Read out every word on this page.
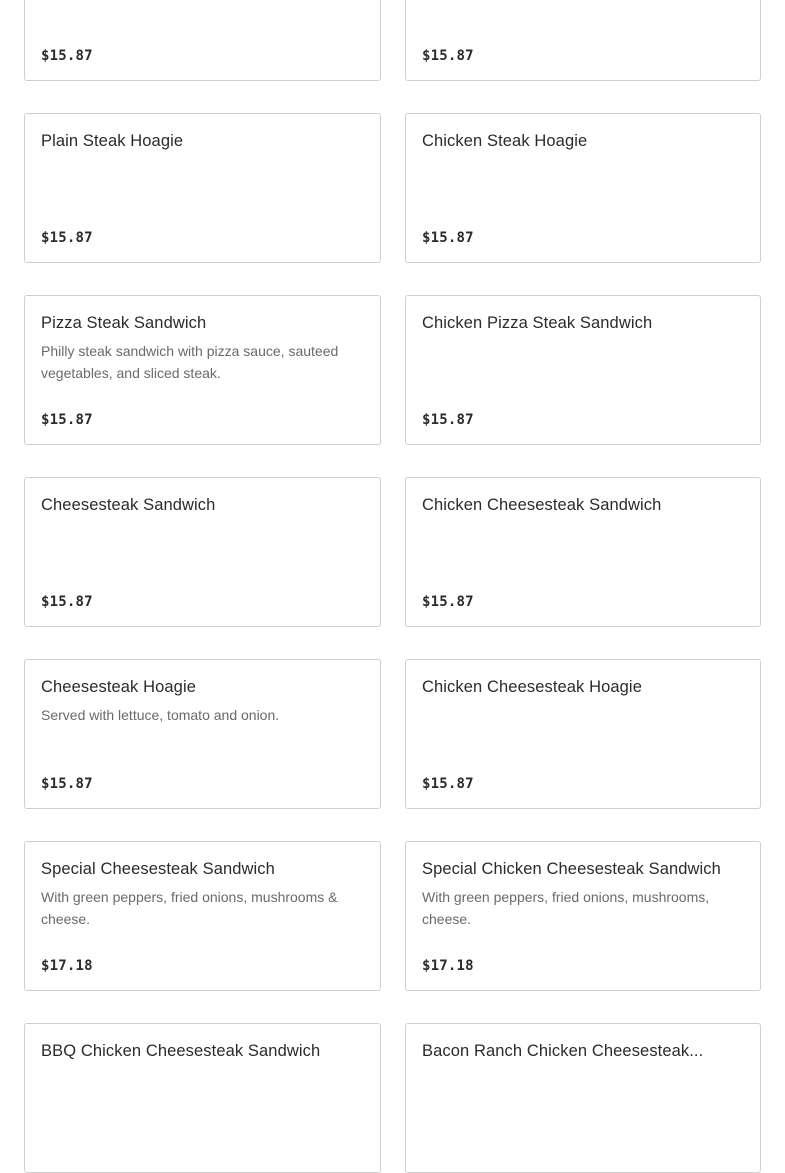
$15.87	$15.87
Plain Steak Hoagie
$15.87
Chicken Steak Hoagie
$15.87
Pizza Steak Sandwich
Philly steak sandwich with pizza sauce, sauteed vegetables, and sliced steak.
$15.87
Chicken Pizza Steak Sandwich
$15.87
Cheesesteak Sandwich
$15.87
Chicken Cheesesteak Sandwich
$15.87
Cheesesteak Hoagie
Served with lettuce, tomato and onion.
$15.87
Chicken Cheesesteak Hoagie
$15.87
Special Cheesesteak Sandwich
With green peppers, fried onions, mushrooms & cheese.
$17.18
Special Chicken Cheesesteak Sandwich
With green peppers, fried onions, mushrooms, cheese.
$17.18
BBQ Chicken Cheesesteak Sandwich	Bacon Ranch Chicken Cheesesteak...
